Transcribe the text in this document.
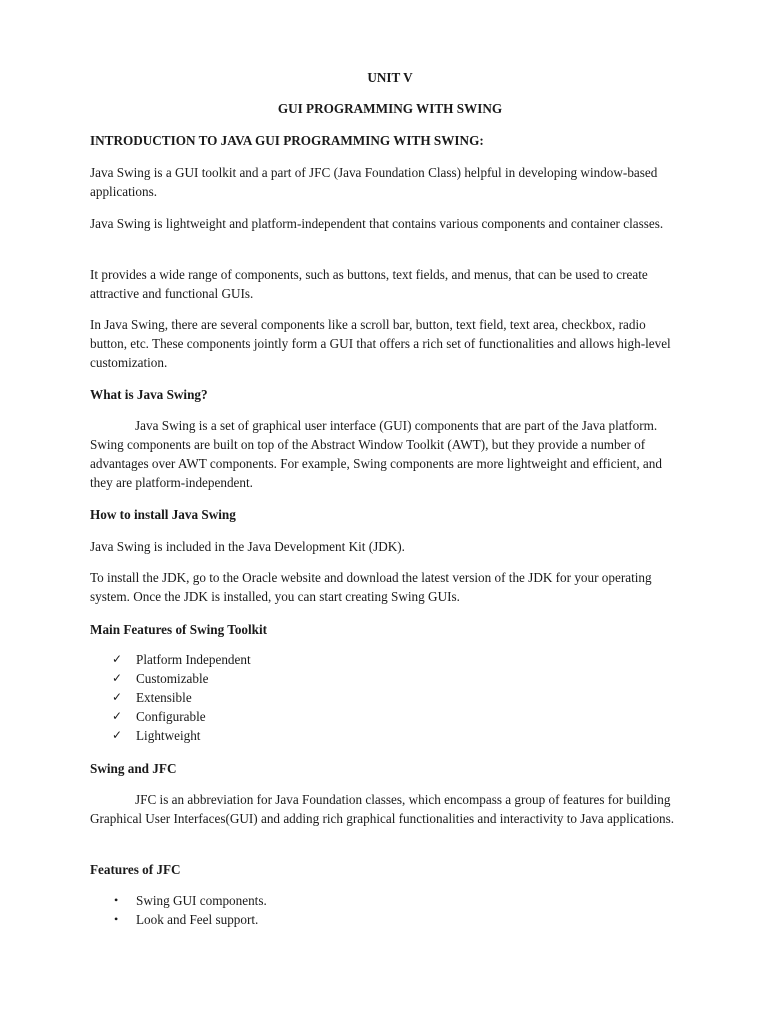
UNIT V
GUI PROGRAMMING WITH SWING

INTRODUCTION TO JAVA GUI PROGRAMMING WITH SWING:

Java Swing is a GUI toolkit and a part of JFC (Java Foundation Class) helpful in developing window-based applications.

Java Swing is lightweight and platform-independent that contains various components and container classes.

It provides a wide range of components, such as buttons, text fields, and menus, that can be used to create attractive and functional GUIs.

In Java Swing, there are several components like a scroll bar, button, text field, text area, checkbox, radio button, etc. These components jointly form a GUI that offers a rich set of functionalities and allows high-level customization.

What is Java Swing?

Java Swing is a set of graphical user interface (GUI) components that are part of the Java platform. Swing components are built on top of the Abstract Window Toolkit (AWT), but they provide a number of advantages over AWT components. For example, Swing components are more lightweight and efficient, and they are platform-independent.

How to install Java Swing

Java Swing is included in the Java Development Kit (JDK).

To install the JDK, go to the Oracle website and download the latest version of the JDK for your operating system. Once the JDK is installed, you can start creating Swing GUIs.

Main Features of Swing Toolkit

✓ Platform Independent
✓ Customizable
✓ Extensible
✓ Configurable
✓ Lightweight

Swing and JFC

JFC is an abbreviation for Java Foundation classes, which encompass a group of features for building Graphical User Interfaces(GUI) and adding rich graphical functionalities and interactivity to Java applications.

Features of JFC

• Swing GUI components.
• Look and Feel support.
